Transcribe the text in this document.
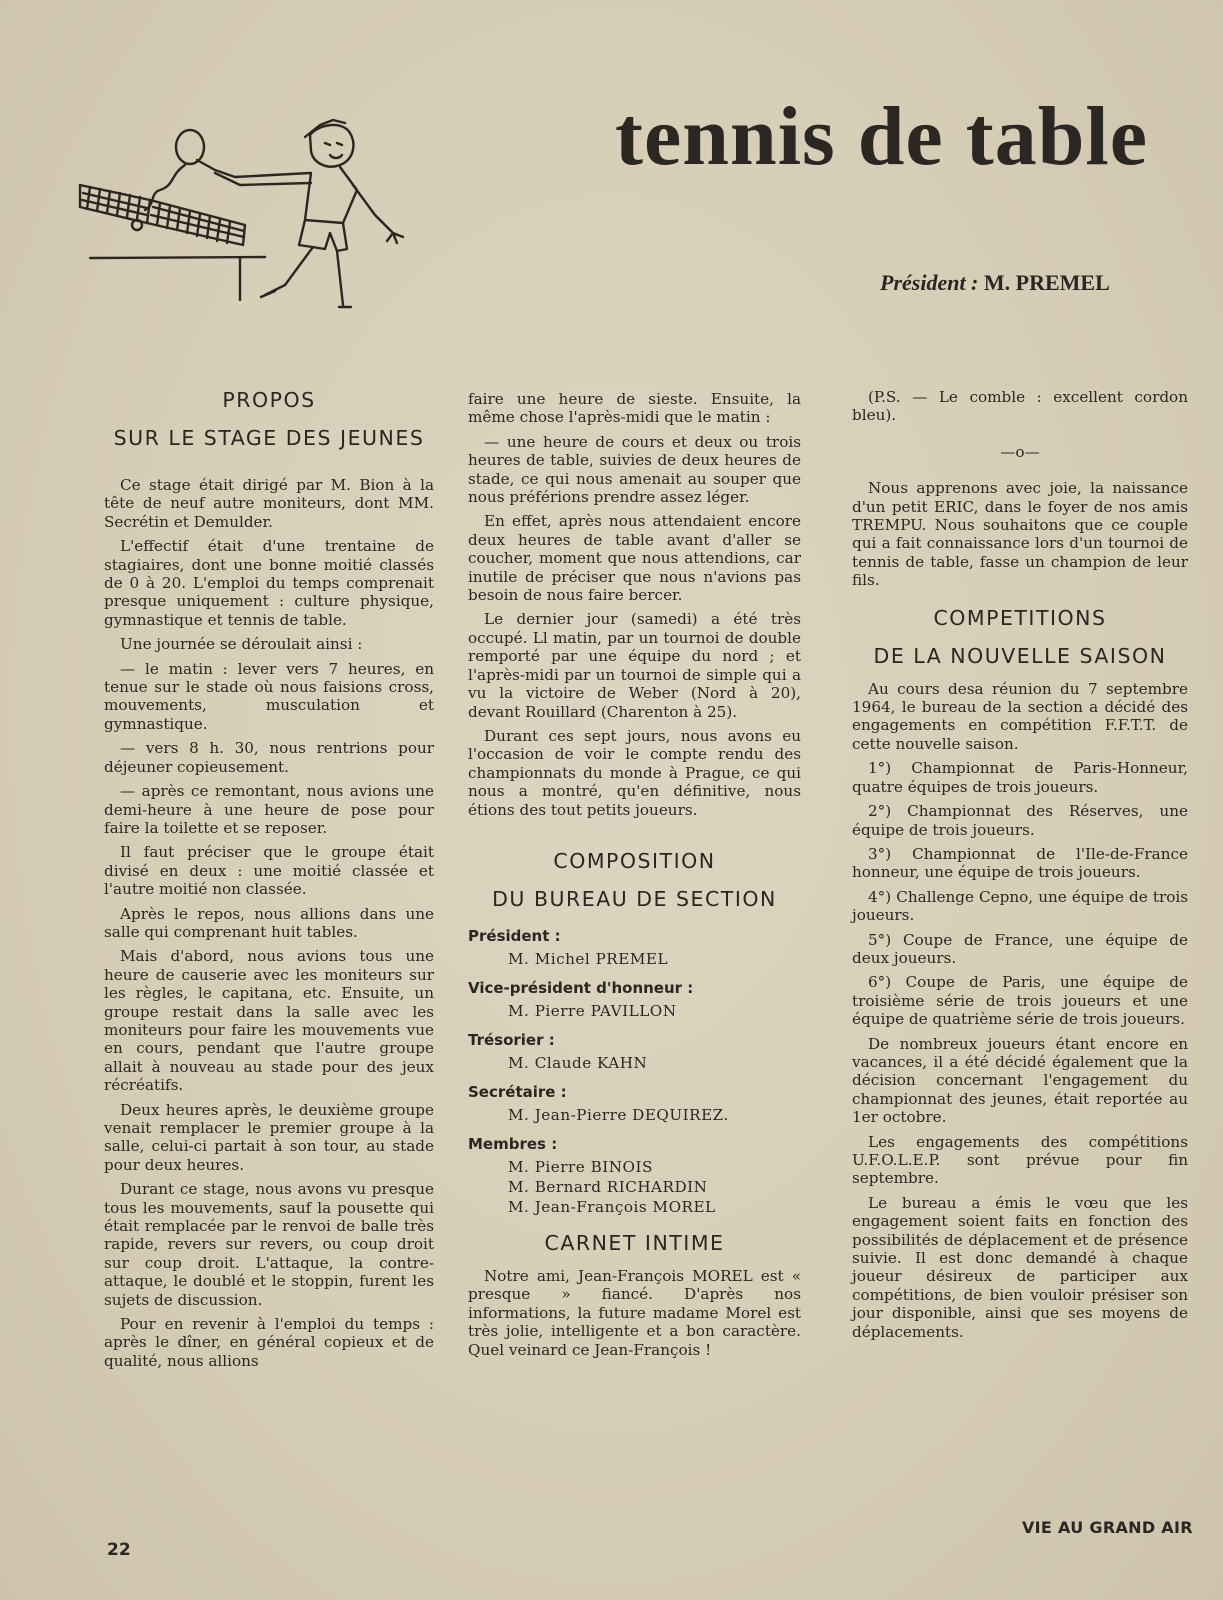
tennis de table
Président : M. PREMEL
PROPOS
SUR LE STAGE DES JEUNES

Ce stage était dirigé par M. Bion à la tête de neuf autre moniteurs, dont MM. Secrétin et Demulder.

L'effectif était d'une trentaine de stagiaires, dont une bonne moitié classés de 0 à 20. L'emploi du temps comprenait presque uniquement : culture physique, gymnastique et tennis de table.

Une journée se déroulait ainsi :

— le matin : lever vers 7 heures, en tenue sur le stade où nous faisions cross, mouvements, musculation et gymnastique.

— vers 8 h. 30, nous rentrions pour déjeuner copieusement.

— après ce remontant, nous avions une demi-heure à une heure de pose pour faire la toilette et se reposer.

Il faut préciser que le groupe était divisé en deux : une moitié classée et l'autre moitié non classée.

Après le repos, nous allions dans une salle qui comprenant huit tables.

Mais d'abord, nous avions tous une heure de causerie avec les moniteurs sur les règles, le capitana, etc. Ensuite, un groupe restait dans la salle avec les moniteurs pour faire les mouvements vue en cours, pendant que l'autre groupe allait à nouveau au stade pour des jeux récréatifs.

Deux heures après, le deuxième groupe venait remplacer le premier groupe à la salle, celui-ci partait à son tour, au stade pour deux heures.

Durant ce stage, nous avons vu presque tous les mouvements, sauf la pousette qui était remplacée par le renvoi de balle très rapide, revers sur revers, ou coup droit sur coup droit. L'attaque, la contre-attaque, le doublé et le stoppin, furent les sujets de discussion.

Pour en revenir à l'emploi du temps : après le dîner, en général copieux et de qualité, nous allions

faire une heure de sieste. Ensuite, la même chose l'après-midi que le matin :

— une heure de cours et deux ou trois heures de table, suivies de deux heures de stade, ce qui nous amenait au souper que nous préférions prendre assez léger.

En effet, après nous attendaient encore deux heures de table avant d'aller se coucher, moment que nous attendions, car inutile de préciser que nous n'avions pas besoin de nous faire bercer.

Le dernier jour (samedi) a été très occupé. Ll matin, par un tournoi de double remporté par une équipe du nord ; et l'après-midi par un tournoi de simple qui a vu la victoire de Weber (Nord à 20), devant Rouillard (Charenton à 25).

Durant ces sept jours, nous avons eu l'occasion de voir le compte rendu des championnats du monde à Prague, ce qui nous a montré, qu'en définitive, nous étions des tout petits joueurs.

COMPOSITION
DU BUREAU DE SECTION
Président :
M. Michel PREMEL
Vice-président d'honneur :
M. Pierre PAVILLON
Trésorier :
M. Claude KAHN
Secrétaire :
M. Jean-Pierre DEQUIREZ.
Membres :
M. Pierre BINOIS
M. Bernard RICHARDIN
M. Jean-François MOREL
CARNET INTIME

Notre ami, Jean-François MOREL est « presque » fiancé. D'après nos informations, la future madame Morel est très jolie, intelligente et a bon caractère. Quel veinard ce Jean-François !

(P.S. — Le comble : excellent cordon bleu).

—o—

Nous apprenons avec joie, la naissance d'un petit ERIC, dans le foyer de nos amis TREMPU. Nous souhaitons que ce couple qui a fait connaissance lors d'un tournoi de tennis de table, fasse un champion de leur fils.

COMPETITIONS
DE LA NOUVELLE SAISON

Au cours desa réunion du 7 septembre 1964, le bureau de la section a décidé des engagements en compétition F.F.T.T. de cette nouvelle saison.

1°) Championnat de Paris-Honneur, quatre équipes de trois joueurs.

2°) Championnat des Réserves, une équipe de trois joueurs.

3°) Championnat de l'Ile-de-France honneur, une équipe de trois joueurs.

4°) Challenge Cepno, une équipe de trois joueurs.

5°) Coupe de France, une équipe de deux joueurs.

6°) Coupe de Paris, une équipe de troisième série de trois joueurs et une équipe de quatrième série de trois joueurs.

De nombreux joueurs étant encore en vacances, il a été décidé également que la décision concernant l'engagement du championnat des jeunes, était reportée au 1er octobre.

Les engagements des compétitions U.F.O.L.E.P. sont prévue pour fin septembre.

Le bureau a émis le vœu que les engagement soient faits en fonction des possibilités de déplacement et de présence suivie. Il est donc demandé à chaque joueur désireux de participer aux compétitions, de bien vouloir présiser son jour disponible, ainsi que ses moyens de déplacements.

22
VIE AU GRAND AIR
